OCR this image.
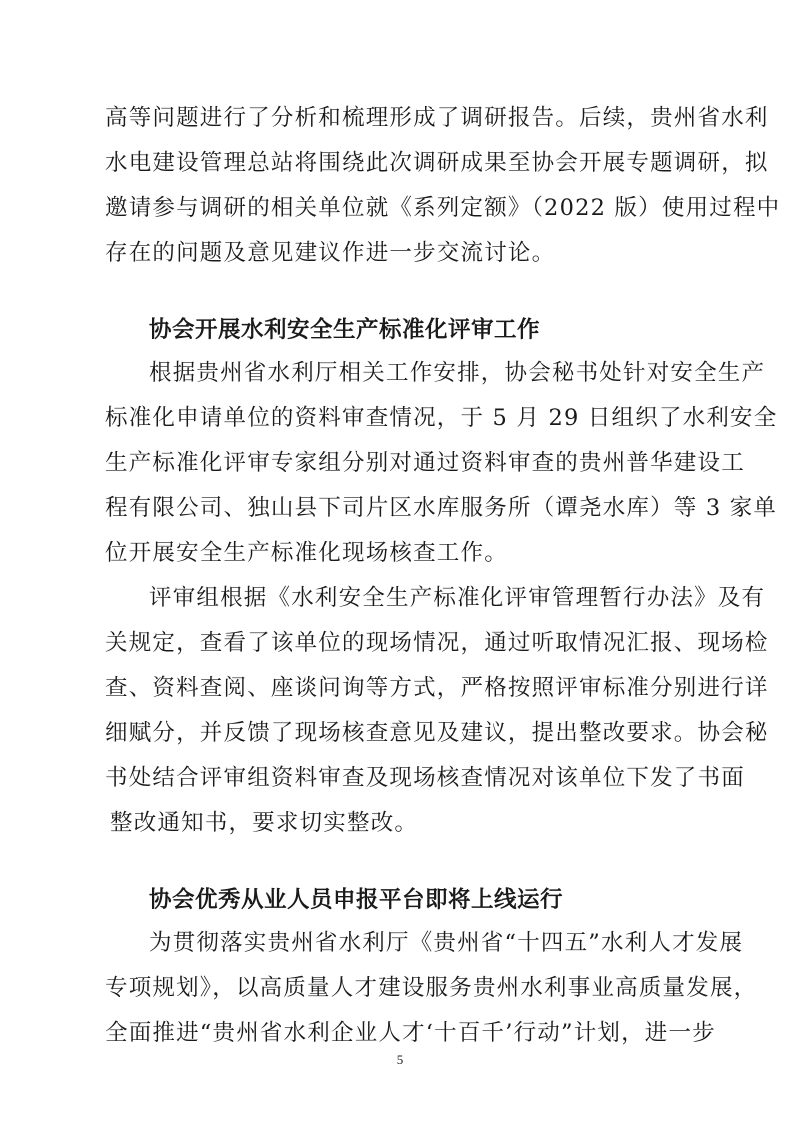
高等问题进行了分析和梳理形成了调研报告。后续，贵州省水利
水电建设管理总站将围绕此次调研成果至协会开展专题调研，拟
邀请参与调研的相关单位就《系列定额》（2022 版）使用过程中
存在的问题及意见建议作进一步交流讨论。
协会开展水利安全生产标准化评审工作
根据贵州省水利厅相关工作安排，协会秘书处针对安全生产
标准化申请单位的资料审查情况，于 5 月 29 日组织了水利安全
生产标准化评审专家组分别对通过资料审查的贵州普华建设工
程有限公司、独山县下司片区水库服务所（谭尧水库）等 3 家单
位开展安全生产标准化现场核查工作。
评审组根据《水利安全生产标准化评审管理暂行办法》及有
关规定，查看了该单位的现场情况，通过听取情况汇报、现场检
查、资料查阅、座谈问询等方式，严格按照评审标准分别进行详
细赋分，并反馈了现场核查意见及建议，提出整改要求。协会秘
书处结合评审组资料审查及现场核查情况对该单位下发了书面
整改通知书，要求切实整改。
协会优秀从业人员申报平台即将上线运行
为贯彻落实贵州省水利厅《贵州省“十四五”水利人才发展
专项规划》，以高质量人才建设服务贵州水利事业高质量发展，
全面推进“贵州省水利企业人才‘十百千’行动”计划，进一步
5
